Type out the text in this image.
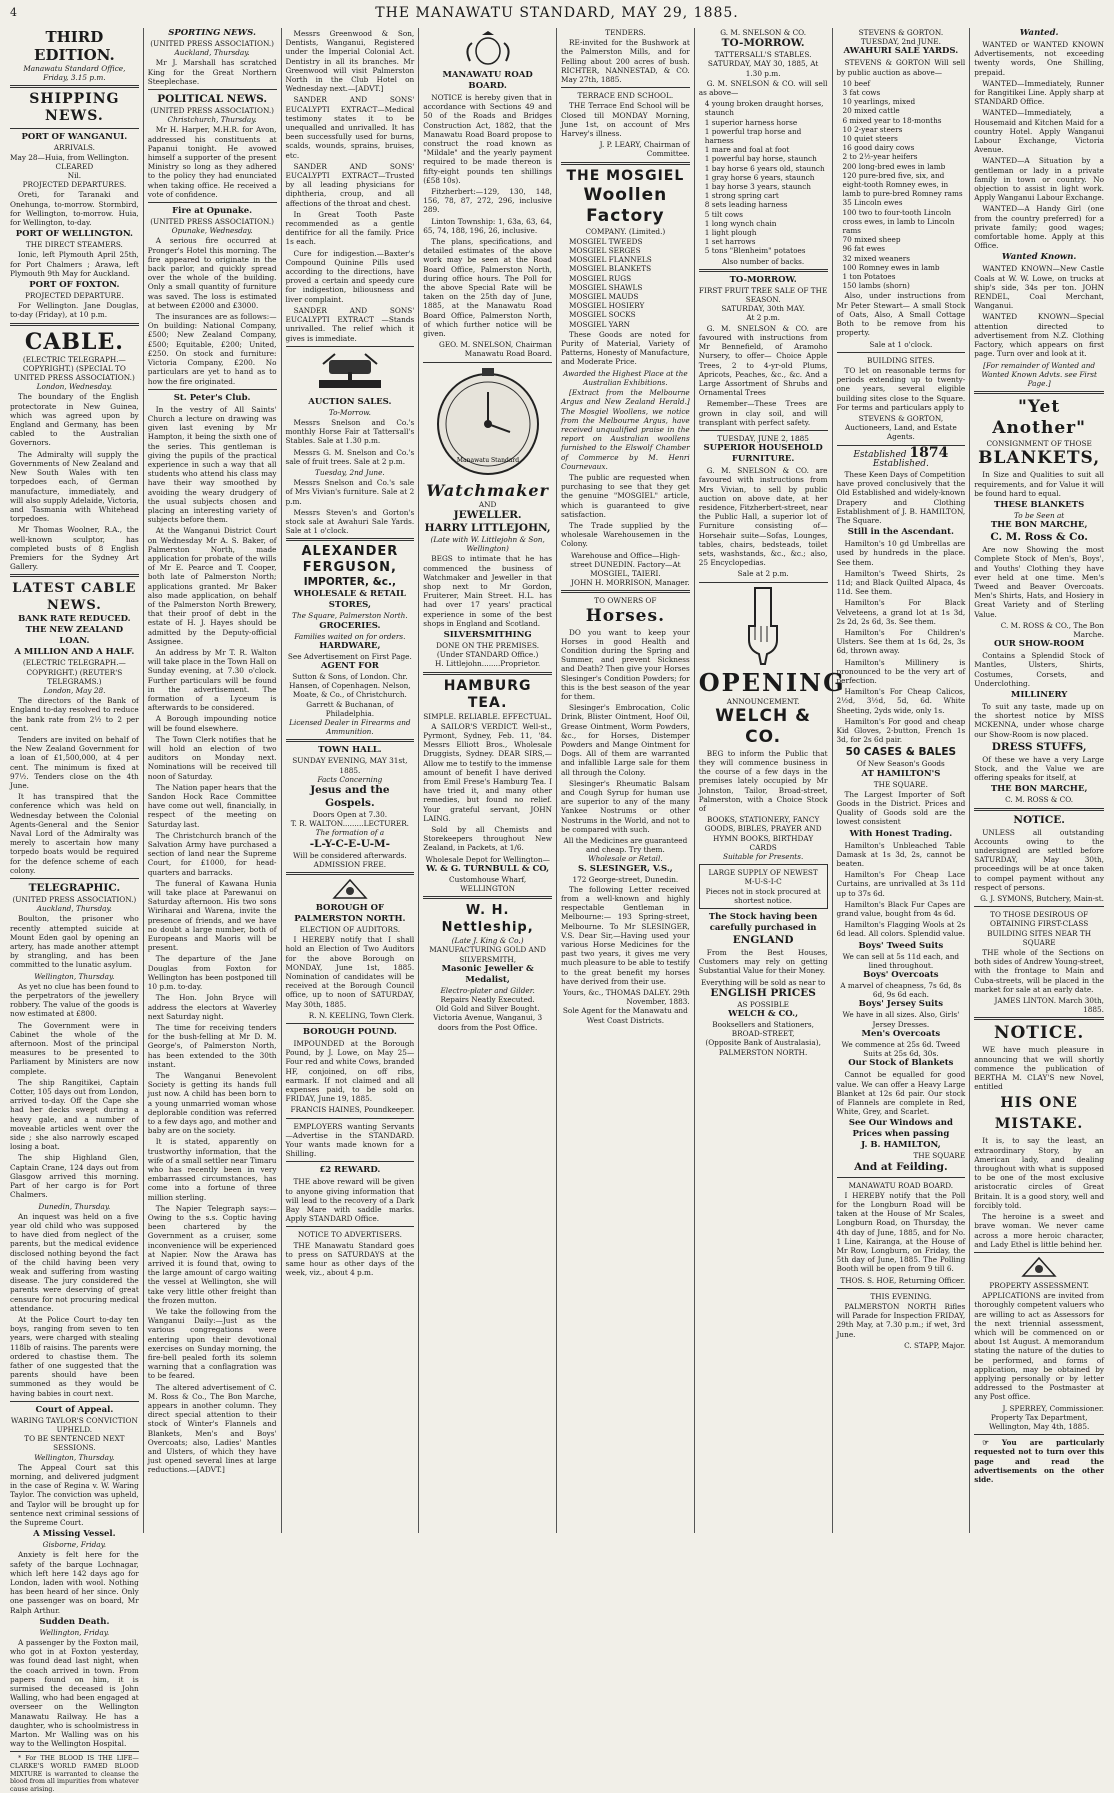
4	THE MANAWATU STANDARD, MAY 29, 1885.
THIRD EDITION.
Manawatu Standard Office, Friday, 3.15 p.m.
SHIPPING NEWS.
PORT OF WANGANUI.
ARRIVALS.
May 28—Huia, from Wellington.
CLEARED
Nil.
PROJECTED DEPARTURES.
Oreti, for Taranaki and Onehunga, to-morrow. Stormbird, for Wellington, to-morrow. Huia, for Wellington, to-day.
PORT OF WELLINGTON.
THE DIRECT STEAMERS.
Ionic, left Plymouth April 25th, for Port Chalmers ; Arawa, left Plymouth 9th May for Auckland.
PORT OF FOXTON.
PROJECTED DEPARTURE.
For Wellington. Jane Douglas, to-day (Friday), at 10 p.m.
CABLE.
(ELECTRIC TELEGRAPH.—COPYRIGHT.) (SPECIAL TO UNITED PRESS ASSOCIATION.)
London, Wednesday.
The boundary of the English protectorate in New Guinea, which was agreed upon by England and Germany, has been cabled to the Australian Governors.
The Admiralty will supply the Governments of New Zealand and New South Wales with ten torpedoes each, of German manufacture, immediately, and will also supply Adelaide, Victoria, and Tasmania with Whitehead torpedoes.
Mr Thomas Woolner, R.A., the well-known sculptor, has completed busts of 8 English Premiers for the Sydney Art Gallery.
LATEST CABLE NEWS.
BANK RATE REDUCED.
THE NEW ZEALAND LOAN.
A MILLION AND A HALF.
(ELECTRIC TELEGRAPH.—COPYRIGHT.) (REUTER'S TELEGRAMS.)
London, May 28.
The directors of the Bank of England to-day resolved to reduce the bank rate from 2½ to 2 per cent.
Tenders are invited on behalf of the New Zealand Government for a loan of £1,500,000, at 4 per cent. The minimum is fixed at 97½. Tenders close on the 4th June.
It has transpired that the conference which was held on Wednesday between the Colonial Agents-General and the Senior Naval Lord of the Admiralty was merely to ascertain how many torpedo boats would be required for the defence scheme of each colony.
TELEGRAPHIC.
(UNITED PRESS ASSOCIATION.)
Auckland, Thursday.
Boulton, the prisoner who recently attempted suicide at Mount Eden gaol by opening an artery, has made another attempt by strangling, and has been committed to the lunatic asylum.
Wellington, Thursday.
As yet no clue has been found to the perpetrators of the jewellery robbery. The value of the goods is now estimated at £800.
The Government were in Cabinet the whole of the afternoon. Most of the principal measures to be presented to Parliament by Ministers are now complete.
The ship Rangitikei, Captain Cotter, 105 days out from London, arrived to-day. Off the Cape she had her decks swept during a heavy gale, and a number of moveable articles went over the side ; she also narrowly escaped losing a boat.
The ship Highland Glen, Captain Crane, 124 days out from Glasgow arrived this morning. Part of her cargo is for Port Chalmers.
Dunedin, Thursday.
An inquest was held on a five year old child who was supposed to have died from neglect of the parents, but the medical evidence disclosed nothing beyond the fact of the child having been very weak and suffering from wasting disease. The jury considered the parents were deserving of great censure for not procuring medical attendance.
At the Police Court to-day ten boys, ranging from seven to ten years, were charged with stealing 118lb of raisins. The parents were ordered to chastise them. The father of one suggested that the parents should have been summoned as they would be having babies in court next.
Court of Appeal.
WARING TAYLOR'S CONVICTION UPHELD.
TO BE SENTENCED NEXT SESSIONS.
Wellington, Thursday.
The Appeal Court sat this morning, and delivered judgment in the case of Regina v. W. Waring Taylor. The conviction was upheld, and Taylor will be brought up for sentence next criminal sessions of the Supreme Court.
A Missing Vessel.
Gisborne, Friday.
Anxiety is felt here for the safety of the barque Lochnagar, which left here 142 days ago for London, laden with wool. Nothing has been heard of her since. Only one passenger was on board, Mr Ralph Arthur.
Sudden Death.
Wellington, Friday.
A passenger by the Foxton mail, who got in at Foxton yesterday, was found dead last night, when the coach arrived in town. From papers found on him, it is surmised the deceased is John Walling, who had been engaged at overseer on the Wellington Manawatu Railway. He has a daughter, who is schoolmistress in Marton. Mr Walling was on his way to the Wellington Hospital.
* For THE BLOOD IS THE LIFE—CLARKE'S WORLD FAMED BLOOD MIXTURE is warranted to cleanse the blood from all impurities from whatever cause arising.
SPORTING NEWS.
(UNITED PRESS ASSOCIATION.)
Auckland, Thursday.
Mr J. Marshall has scratched King for the Great Northern Steeplechase.
POLITICAL NEWS.
(UNITED PRESS ASSOCIATION.)
Christchurch, Thursday.
Mr H. Harper, M.H.R. for Avon, addressed his constituents at Papanui tonight. He avowed himself a supporter of the present Ministry so long as they adhered to the policy they had enunciated when taking office. He received a vote of confidence.
Fire at Opunake.
(UNITED PRESS ASSOCIATION.)
Opunake, Wednesday.
A serious fire occurred at Pronger's Hotel this morning. The fire appeared to originate in the back parlor, and quickly spread over the whole of the building. Only a small quantity of furniture was saved. The loss is estimated at between £2000 and £3000.
The insurances are as follows:—On building: National Company, £500; New Zealand Company, £500; Equitable, £200; United, £250. On stock and furniture: Victoria Company, £200. No particulars are yet to hand as to how the fire originated.
St. Peter's Club.
In the vestry of All Saints' Church a lecture on drawing was given last evening by Mr Hampton, it being the sixth one of the series. This gentleman is giving the pupils of the practical experience in such a way that all students who attend his class may have their way smoothed by avoiding the weary drudgery of the usual subjects chosen and placing an interesting variety of subjects before them.
At the Wanganui District Court on Wednesday Mr A. S. Baker, of Palmerston North, made application for probate of the wills of Mr E. Pearce and T. Cooper, both late of Palmerston North; applications granted. Mr Baker also made application, on behalf of the Palmerston North Brewery, that their proof of debt in the estate of H. J. Hayes should be admitted by the Deputy-official Assignee.
An address by Mr T. R. Walton will take place in the Town Hall on Sunday evening, at 7.30 o'clock. Further particulars will be found in the advertisement. The formation of a Lyceum is afterwards to be considered.
A Borough impounding notice will be found elsewhere.
The Town Clerk notifies that he will hold an election of two auditors on Monday next. Nominations will be received till noon of Saturday.
The Nation paper hears that the Sandon Hock Race Committee have come out well, financially, in respect of the meeting on Saturday last.
The Christchurch branch of the Salvation Army have purchased a section of land near the Supreme Court, for £1000, for head-quarters and barracks.
The funeral of Kawana Hunia will take place at Parewanui on Saturday afternoon. His two sons Wiriharai and Warena, invite the presence of friends, and we have no doubt a large number, both of Europeans and Maoris will be present.
The departure of the Jane Douglas from Foxton for Wellington has been postponed till 10 p.m. to-day.
The Hon. John Bryce will address the electors at Waverley next Saturday night.
The time for receiving tenders for the bush-felling at Mr D. M. George's, of Palmerston North, has been extended to the 30th instant.
The Wanganui Benevolent Society is getting its hands full just now. A child has been born to a young unmarried woman whose deplorable condition was referred to a few days ago, and mother and baby are on the society.
It is stated, apparently on trustworthy information, that the wife of a small settler near Timaru who has recently been in very embarrassed circumstances, has come into a fortune of three million sterling.
The Napier Telegraph says:—Owing to the s.s. Coptic having been chartered by the Government as a cruiser, some inconvenience will be experienced at Napier. Now the Arawa has arrived it is found that, owing to the large amount of cargo waiting the vessel at Wellington, she will take very little other freight than the frozen mutton.
We take the following from the Wanganui Daily:—Just as the various congregations were entering upon their devotional exercises on Sunday morning, the fire-bell pealed forth its solemn warning that a conflagration was to be feared.
The altered advertisement of C. M. Ross & Co., The Bon Marche, appears in another column. They direct special attention to their stock of Winter's Flannels and Blankets, Men's and Boys' Overcoats; also, Ladies' Mantles and Ulsters, of which they have just opened several lines at large reductions.—[ADVT.]
Messrs Greenwood & Son, Dentists, Wanganui, Registered under the Imperial Colonial Act. Dentistry in all its branches. Mr Greenwood will visit Palmerston North in the Club Hotel on Wednesday next.—[ADVT.]
SANDER AND SONS' EUCALYPTI EXTRACT—Medical testimony states it to be unequalled and unrivalled. It has been successfully used for burns, scalds, wounds, sprains, bruises, etc.
SANDER AND SONS' EUCALYPTI EXTRACT—Trusted by all leading physicians for diphtheria, croup, and all affections of the throat and chest.
In Great Tooth Paste recommended as a gentle dentifrice for all the family. Price 1s each.
Cure for indigestion.—Baxter's Compound Quinine Pills used according to the directions, have proved a certain and speedy cure for indigestion, biliousness and liver complaint.
SANDER AND SONS' EUCALYPTI EXTRACT —Stands unrivalled. The relief which it gives is immediate.
AUCTION SALES.
To-Morrow.
Messrs Snelson and Co.'s monthly Horse Fair at Tattersall's Stables. Sale at 1.30 p.m.
Messrs G. M. Snelson and Co.'s sale of fruit trees. Sale at 2 p.m.
Tuesday, 2nd June.
Messrs Snelson and Co.'s sale of Mrs Vivian's furniture. Sale at 2 p.m.
Messrs Steven's and Gorton's stock sale at Awahuri Sale Yards. Sale at 1 o'clock.
ALEXANDER FERGUSON,
IMPORTER, &c.,
WHOLESALE & RETAIL STORES,
The Square, Palmerston North.
GROCERIES.
Families waited on for orders.
HARDWARE,
See Advertisement on First Page.
AGENT FOR
Sutton & Sons, of London. Chr. Hansen, of Copenhagen. Nelson, Moate, & Co., of Christchurch. Garrett & Buchanan, of Philadelphia.
Licensed Dealer in Firearms and Ammunition.
TOWN HALL.
SUNDAY EVENING, MAY 31st, 1885.
Facts Concerning
Jesus and the Gospels.
Doors Open at 7.30.
T. R. WALTON.........LECTURER.
The formation of a
-L-Y-C-E-U-M-
Will be considered afterwards.
ADMISSION FREE.
BOROUGH OF PALMERSTON NORTH.
ELECTION OF AUDITORS.
I HEREBY notify that I shall hold an Election of Two Auditors for the above Borough on MONDAY, June 1st, 1885. Nomination of candidates will be received at the Borough Council office, up to noon of SATURDAY, May 30th, 1885.
R. N. KEELING, Town Clerk.
BOROUGH POUND.
IMPOUNDED at the Borough Pound, by J. Lowe, on May 25— Four red and white Cows, branded HF, conjoined, on off ribs, earmark. If not claimed and all expenses paid, to be sold on FRIDAY, June 19, 1885.
FRANCIS HAINES, Poundkeeper.
EMPLOYERS wanting Servants—Advertise in the STANDARD. Your wants made known for a Shilling.
£2 REWARD.
THE above reward will be given to anyone giving information that will lead to the recovery of a Dark Bay Mare with saddle marks. Apply STANDARD Office.
NOTICE TO ADVERTISERS.
THE Manawatu Standard goes to press on SATURDAYS at the same hour as other days of the week, viz., about 4 p.m.
MANAWATU ROAD BOARD.
NOTICE is hereby given that in accordance with Sections 49 and 50 of the Roads and Bridges Construction Act, 1882, that the Manawatu Road Board propose to construct the road known as "Mildale" and the yearly payment required to be made thereon is fifty-eight pounds ten shillings (£58 10s).
Fitzherbert:—129, 130, 148, 156, 78, 87, 272, 296, inclusive 289.
Linton Township: 1, 63a, 63, 64, 65, 74, 188, 196, 26, inclusive.
The plans, specifications, and detailed estimates of the above work may be seen at the Road Board Office, Palmerston North, during office hours. The Poll for the above Special Rate will be taken on the 25th day of June, 1885, at the Manawatu Road Board Office, Palmerston North, of which further notice will be given.
GEO. M. SNELSON, Chairman Manawatu Road Board.
Manawatu Standard
Watchmaker
AND
JEWELLER.
HARRY LITTLEJOHN,
(Late with W. Littlejohn & Son, Wellington)
BEGS to intimate that he has commenced the business of Watchmaker and Jeweller in that shop next to Mr Gordon, Fruiterer, Main Street. H.L. has had over 17 years' practical experience in some of the best shops in England and Scotland.
SILVERSMITHING
DONE ON THE PREMISES.
(Under STANDARD Office.)
H. Littlejohn........Proprietor.
HAMBURG TEA.
SIMPLE. RELIABLE. EFFECTUAL.
A SAILOR'S VERDICT. Well-st., Pyrmont, Sydney, Feb. 11, '84. Messrs Elliott Bros., Wholesale Druggists, Sydney. DEAR SIRS,—Allow me to testify to the immense amount of benefit I have derived from Emil Frese's Hamburg Tea. I have tried it, and many other remedies, but found no relief. Your grateful servant, JOHN LAING.
Sold by all Chemists and Storekeepers throughout New Zealand, in Packets, at 1/6.
Wholesale Depot for Wellington—
W. & G. TURNBULL & CO,
Customhouse Wharf,
WELLINGTON
W. H. Nettleship,
(Late J. King & Co.)
MANUFACTURING GOLD AND SILVERSMITH,
Masonic Jeweller & Medalist,
Electro-plater and Gilder.
Repairs Neatly Executed.
Old Gold and Silver Bought.
Victoria Avenue, Wanganui, 3 doors from the Post Office.
TENDERS.
RE-invited for the Bushwork at the Palmerston Mills, and for Felling about 200 acres of bush. RICHTER, NANNESTAD, & CO. May 27th, 1885.
TERRACE END SCHOOL.
THE Terrace End School will be Closed till MONDAY Morning, June 1st, on account of Mrs Harvey's illness.
J. P. LEARY, Chairman of Committee.
THE MOSGIEL
Woollen Factory
COMPANY. (Limited.)
MOSGIEL TWEEDS
MOSGIEL SERGES
MOSGIEL FLANNELS
MOSGIEL BLANKETS
MOSGIEL RUGS
MOSGIEL SHAWLS
MOSGIEL MAUDS
MOSGIEL HOSIERY
MOSGIEL SOCKS
MOSGIEL YARN
These Goods are noted for Purity of Material, Variety of Patterns, Honesty of Manufacture, and Moderate Price.
Awarded the Highest Place at the Australian Exhibitions.
[Extract from the Melbourne Argus and New Zealand Herald.] The Mosgiel Woollens, we notice from the Melbourne Argus, have received unqualified praise in the report on Australian woollens furnished to the Elswolf Chamber of Commerce by M. Henri Cournevaux.
The public are requested when purchasing to see that they get the genuine "MOSGIEL" article, which is guaranteed to give satisfaction.
The Trade supplied by the wholesale Warehousemen in the Colony.
Warehouse and Office—High-street DUNEDIN. Factory—At MOSGIEL, TAIERI.
JOHN H. MORRISON, Manager.
TO OWNERS OF
Horses.
DO you want to keep your Horses in good Health and Condition during the Spring and Summer, and prevent Sickness and Death? Then give your Horses Slesinger's Condition Powders; for this is the best season of the year for them.
Slesinger's Embrocation, Colic Drink, Blister Ointment, Hoof Oil, Grease Ointment, Worm Powders, &c., for Horses, Distemper Powders and Mange Ointment for Dogs. All of them are warranted and infallible Large sale for them all through the Colony.
Slesinger's Rheumatic Balsam and Cough Syrup for human use are superior to any of the many Yankee Nostrums or other Nostrums in the World, and not to be compared with such.
All the Medicines are guaranteed and cheap. Try them.
Wholesale or Retail.
S. SLESINGER, V.S.,
172 George-street, Dunedin.
The following Letter received from a well-known and highly respectable Gentleman in Melbourne:— 193 Spring-street, Melbourne. To Mr SLESINGER, V.S. Dear Sir,—Having used your various Horse Medicines for the past two years, it gives me very much pleasure to be able to testify to the great benefit my horses have derived from their use.
Yours, &c., THOMAS DALEY. 29th November, 1883.
Sole Agent for the Manawatu and West Coast Districts.
G. M. SNELSON & CO.
TO-MORROW.
TATTERSALL'S STABLES.
SATURDAY, MAY 30, 1885, At 1.30 p.m.
G. M. SNELSON & CO. will sell as above—
4 young broken draught horses, staunch
1 superior harness horse
1 powerful trap horse and harness
1 mare and foal at foot
1 powerful bay horse, staunch
1 bay horse 6 years old, staunch
1 gray horse 6 years, staunch
1 bay horse 3 years, staunch
1 strong spring cart
8 sets leading harness
5 tilt cows
1 long wynch chain
1 light plough
1 set harrows
5 tons "Blenheim" potatoes
Also number of backs.
TO-MORROW.
FIRST FRUIT TREE SALE OF THE SEASON.
SATURDAY, 30th MAY.
At 2 p.m.
G. M. SNELSON & CO. are favoured with instructions from Mr Bennefield, of Aramoho Nursery, to offer— Choice Apple Trees, 2 to 4-yr-old Plums, Apricots, Peaches, &c., &c. And a Large Assortment of Shrubs and Ornamental Trees
Remember—These Trees are grown in clay soil, and will transplant with perfect safety.
TUESDAY, JUNE 2, 1885
SUPERIOR HOUSEHOLD FURNITURE.
G. M. SNELSON & CO. are favoured with instructions from Mrs Vivian, to sell by public auction on above date, at her residence, Fitzherbert-street, near the Public Hall, a superior lot of Furniture consisting of— Horsehair suite—Sofas, Lounges, tables, chairs, bedsteads, toilet sets, washstands, &c., &c.; also, 25 Encyclopedias.
Sale at 2 p.m.
OPENING
ANNOUNCEMENT.
WELCH & CO.
BEG to inform the Public that they will commence business in the course of a few days in the premises lately occupied by Mr Johnston, Tailor, Broad-street, Palmerston, with a Choice Stock of
BOOKS, STATIONERY, FANCY GOODS, BIBLES, PRAYER AND HYMN BOOKS, BIRTHDAY CARDS
Suitable for Presents.
LARGE SUPPLY OF NEWEST M-U-S-I-C
Pieces not in stock procured at shortest notice.
The Stock having been carefully purchased in
ENGLAND
From the Best Houses, Customers may rely on getting Substantial Value for their Money.
Everything will be sold as near to
ENGLISH PRICES
AS POSSIBLE
WELCH & CO.,
Booksellers and Stationers,
BROAD-STREET,
(Opposite Bank of Australasia),
PALMERSTON NORTH.
STEVENS & GORTON.
TUESDAY, 2nd JUNE.
AWAHURI SALE YARDS.
STEVENS & GORTON Will sell by public auction as above—
10 beef
3 fat cows
10 yearlings, mixed
20 mixed cattle
6 mixed year to 18-months
10 2-year steers
10 quiet steers
16 good dairy cows
2 to 2½-year heifers
200 long-bred ewes in lamb
120 pure-bred five, six, and eight-tooth Romney ewes, in lamb to pure-bred Romney rams
35 Lincoln ewes
100 two to four-tooth Lincoln cross ewes, in lamb to Lincoln rams
70 mixed sheep
96 fat ewes
32 mixed weaners
100 Romney ewes in lamb
1 ton Potatoes
150 lambs (shorn)
Also, under instructions from Mr Peter Stewart— A small Stock of Oats, Also, A Small Cottage Both to be remove from his property.
Sale at 1 o'clock.
BUILDING SITES.
TO let on reasonable terms for periods extending up to twenty-one years, several eligible building sites close to the Square. For terms and particulars apply to
STEVENS & GORTON, Auctioneers, Land, and Estate Agents.
Established 1874 Established.
These Keen Days of Competition have proved conclusively that the Old Established and widely-known Drapery and Clothing Establishment of J. B. HAMILTON, The Square.
Still in the Ascendant.
Hamilton's 10 gd Umbrellas are used by hundreds in the place. See them.
Hamilton's Tweed Shirts, 2s 11d; and Black Quilted Alpaca, 4s 11d. See them.
Hamilton's For Black Velveteens, a grand lot at 1s 3d, 2s 2d, 2s 6d, 3s. See them.
Hamilton's For Children's Ulsters. See them at 1s 6d, 2s, 3s 6d, thrown away.
Hamilton's Millinery is pronounced to be the very art of perfection.
Hamilton's For Cheap Calicos, 2½d, 3½d, 5d, 6d. White Sheeting, 2yds wide, only 1s.
Hamilton's For good and cheap Kid Gloves, 2-button, French 1s 3d, for 2s 6d pair.
50 CASES & BALES
Of New Season's Goods
AT HAMILTON'S
THE SQUARE.
The Largest Importer of Soft Goods in the District. Prices and Quality of Goods sold are the lowest consistent
With Honest Trading.
Hamilton's Unbleached Table Damask at 1s 3d, 2s, cannot be beaten.
Hamilton's For Cheap Lace Curtains, are unrivalled at 3s 11d up to 37s 6d.
Hamilton's Black Fur Capes are grand value, bought from 4s 6d.
Hamilton's Flagging Wools at 2s 6d lead. All colors. Splendid value.
Boys' Tweed Suits
We can sell at 5s 11d each, and lined throughout.
Boys' Overcoats
A marvel of cheapness, 7s 6d, 8s 6d, 9s 6d each.
Boys' Jersey Suits
We have in all sizes. Also, Girls' Jersey Dresses.
Men's Overcoats
We commence at 25s 6d. Tweed Suits at 25s 6d, 30s.
Our Stock of Blankets
Cannot be equalled for good value. We can offer a Heavy Large Blanket at 12s 6d pair. Our stock of Flannels are complete in Red, White, Grey, and Scarlet.
See Our Windows and Prices when passing
J. B. HAMILTON,
THE SQUARE
And at Feilding.
MANAWATU ROAD BOARD.
I HEREBY notify that the Poll for the Longburn Road will be taken at the House of Mr Scales, Longburn Road, on Thursday, the 4th day of June, 1885, and for No. 1 Line, Kairanga, at the House of Mr Row, Longburn, on Friday, the 5th day of June, 1885. The Polling Booth will be open from 9 till 6.
THOS. S. HOE, Returning Officer.
THIS EVENING.
PALMERSTON NORTH Rifles will Parade for Inspection FRIDAY, 29th May, at 7.30 p.m.; if wet, 3rd June.
C. STAPP, Major.
Wanted.
WANTED or WANTED KNOWN Advertisements, not exceeding twenty words, One Shilling, prepaid.
WANTED—Immediately, Runner for Rangitikei Line. Apply sharp at STANDARD Office.
WANTED—Immediately, a Housemaid and Kitchen Maid for a country Hotel. Apply Wanganui Labour Exchange, Victoria Avenue.
WANTED—A Situation by a gentleman or lady in a private family in town or country. No objection to assist in light work. Apply Wanganui Labour Exchange.
WANTED—A Handy Girl (one from the country preferred) for a private family; good wages; comfortable home. Apply at this Office.
Wanted Known.
WANTED KNOWN—New Castle Coals at W. W. Lowe, on trucks at ship's side, 34s per ton. JOHN RENDEL, Coal Merchant, Wanganui.
WANTED KNOWN—Special attention directed to advertisement from N.Z. Clothing Factory, which appears on first page. Turn over and look at it.
[For remainder of Wanted and Wanted Known Advts. see First Page.]
"Yet Another"
CONSIGNMENT OF THOSE
BLANKETS,
In Size and Qualities to suit all requirements, and for Value it will be found hard to equal.
THESE BLANKETS
To be Seen at
THE BON MARCHE,
C. M. Ross & Co.
Are now Showing the most Complete Stock of Men's, Boys', and Youths' Clothing they have ever held at one time. Men's Tweed and Beaver Overcoats. Men's Shirts, Hats, and Hosiery in Great Variety and of Sterling Value.
C. M. ROSS & CO., The Bon Marche.
OUR SHOW-ROOM
Contains a Splendid Stock of Mantles, Ulsters, Shirts, Costumes, Corsets, and Underclothing.
MILLINERY
To suit any taste, made up on the shortest notice by MISS MCKENNA, under whose charge our Show-Room is now placed.
DRESS STUFFS,
Of these we have a very Large Stock, and the Value we are offering speaks for itself, at
THE BON MARCHE,
C. M. ROSS & CO.
NOTICE.
UNLESS all outstanding Accounts owing to the undersigned are settled before SATURDAY, May 30th, proceedings will be at once taken to compel payment without any respect of persons.
G. J. SYMONS, Butchery, Main-st.
TO THOSE DESIROUS OF OBTAINING FIRST-CLASS BUILDING SITES NEAR TH SQUARE
THE whole of the Sections on both sides of Andrew Young-street, with the frontage to Main and Cuba-streets, will be placed in the market for sale at an early date.
JAMES LINTON. March 30th, 1885.
NOTICE.
WE have much pleasure in announcing that we will shortly commence the publication of BERTHA M. CLAY'S new Novel, entitled
HIS ONE MISTAKE.
It is, to say the least, an extraordinary Story, by an American lady, and dealing throughout with what is supposed to be one of the most exclusive aristocratic circles of Great Britain. It is a good story, well and forcibly told.
The heroine is a sweet and brave woman. We never came across a more heroic character, and Lady Ethel is little behind her.
PROPERTY ASSESSMENT.
APPLICATIONS are invited from thoroughly competent valuers who are willing to act as Assessors for the next triennial assessment, which will be commenced on or about 1st August. A memorandum stating the nature of the duties to be performed, and forms of application, may be obtained by applying personally or by letter addressed to the Postmaster at any Post office.
J. SPERREY, Commissioner.
Property Tax Department, Wellington, May 4th, 1885.
☞ You are particularly requested not to turn over this page and read the advertisements on the other side.
